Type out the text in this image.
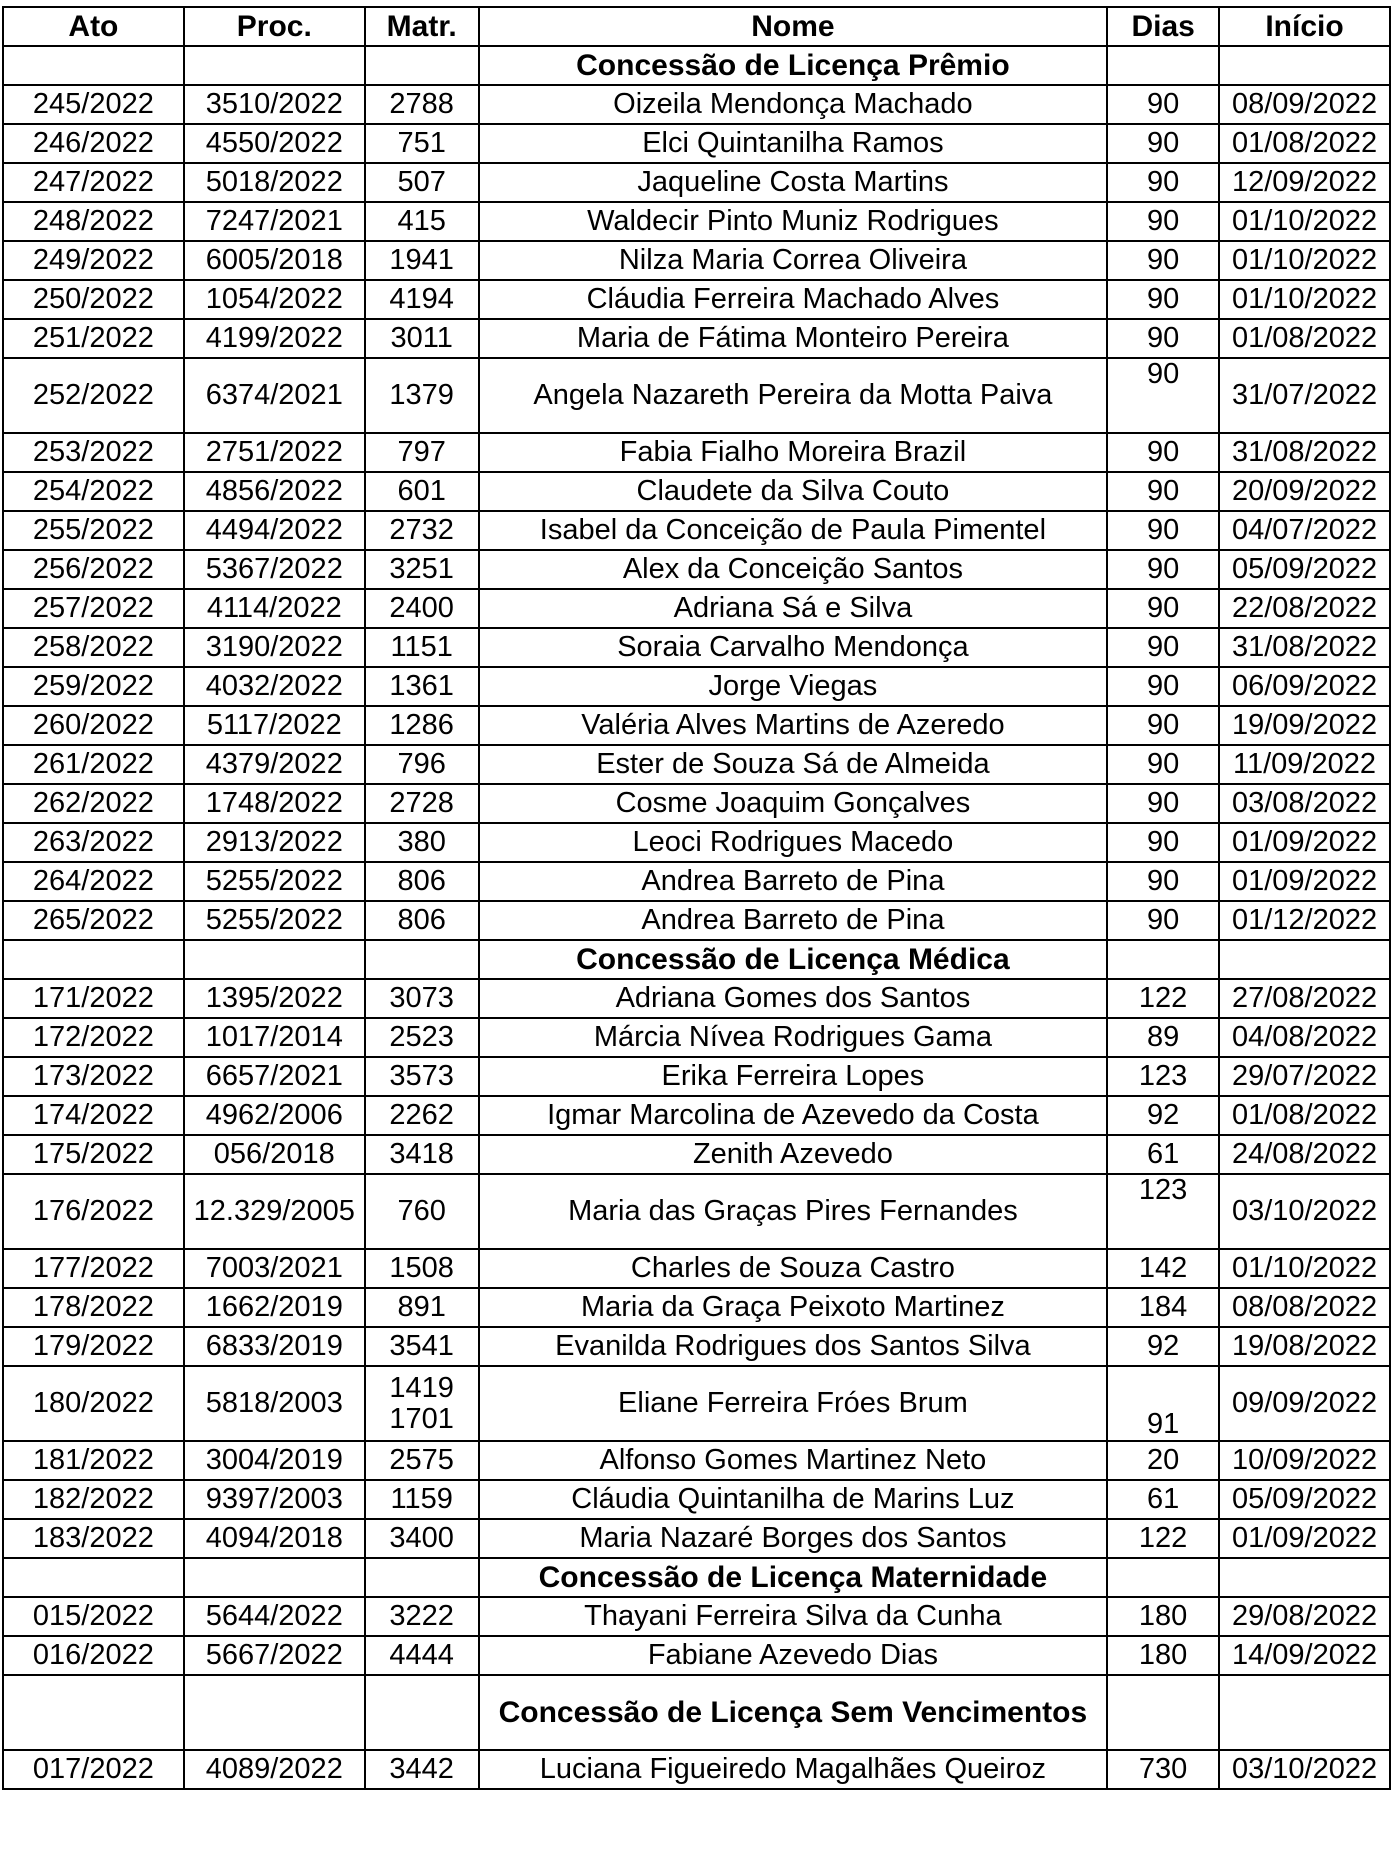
Ato	Proc.	Matr.	Nome	Dias	Início
			Concessão de Licença Prêmio		
245/2022	3510/2022	2788	Oizeila Mendonça Machado	90	08/09/2022
246/2022	4550/2022	751	Elci Quintanilha Ramos	90	01/08/2022
247/2022	5018/2022	507	Jaqueline Costa Martins	90	12/09/2022
248/2022	7247/2021	415	Waldecir Pinto Muniz Rodrigues	90	01/10/2022
249/2022	6005/2018	1941	Nilza Maria Correa Oliveira	90	01/10/2022
250/2022	1054/2022	4194	Cláudia Ferreira Machado Alves	90	01/10/2022
251/2022	4199/2022	3011	Maria de Fátima Monteiro Pereira	90	01/08/2022
252/2022	6374/2021	1379	Angela Nazareth Pereira da Motta Paiva	90	31/07/2022
253/2022	2751/2022	797	Fabia Fialho Moreira Brazil	90	31/08/2022
254/2022	4856/2022	601	Claudete da Silva Couto	90	20/09/2022
255/2022	4494/2022	2732	Isabel da Conceição de Paula Pimentel	90	04/07/2022
256/2022	5367/2022	3251	Alex da Conceição Santos	90	05/09/2022
257/2022	4114/2022	2400	Adriana Sá e Silva	90	22/08/2022
258/2022	3190/2022	1151	Soraia Carvalho Mendonça	90	31/08/2022
259/2022	4032/2022	1361	Jorge Viegas	90	06/09/2022
260/2022	5117/2022	1286	Valéria Alves Martins de Azeredo	90	19/09/2022
261/2022	4379/2022	796	Ester de Souza Sá de Almeida	90	11/09/2022
262/2022	1748/2022	2728	Cosme Joaquim Gonçalves	90	03/08/2022
263/2022	2913/2022	380	Leoci Rodrigues Macedo	90	01/09/2022
264/2022	5255/2022	806	Andrea Barreto de Pina	90	01/09/2022
265/2022	5255/2022	806	Andrea Barreto de Pina	90	01/12/2022
			Concessão de Licença Médica		
171/2022	1395/2022	3073	Adriana Gomes dos Santos	122	27/08/2022
172/2022	1017/2014	2523	Márcia Nívea Rodrigues Gama	89	04/08/2022
173/2022	6657/2021	3573	Erika Ferreira Lopes	123	29/07/2022
174/2022	4962/2006	2262	Igmar Marcolina de Azevedo da Costa	92	01/08/2022
175/2022	056/2018	3418	Zenith Azevedo	61	24/08/2022
176/2022	12.329/2005	760	Maria das Graças Pires Fernandes	123	03/10/2022
177/2022	7003/2021	1508	Charles de Souza Castro	142	01/10/2022
178/2022	1662/2019	891	Maria da Graça Peixoto Martinez	184	08/08/2022
179/2022	6833/2019	3541	Evanilda Rodrigues dos Santos Silva	92	19/08/2022
180/2022	5818/2003	1419 1701	Eliane Ferreira Fróes Brum	91	09/09/2022
181/2022	3004/2019	2575	Alfonso Gomes Martinez Neto	20	10/09/2022
182/2022	9397/2003	1159	Cláudia Quintanilha de Marins Luz	61	05/09/2022
183/2022	4094/2018	3400	Maria Nazaré Borges dos Santos	122	01/09/2022
			Concessão de Licença Maternidade		
015/2022	5644/2022	3222	Thayani Ferreira Silva da Cunha	180	29/08/2022
016/2022	5667/2022	4444	Fabiane Azevedo Dias	180	14/09/2022
			Concessão de Licença Sem Vencimentos		
017/2022	4089/2022	3442	Luciana Figueiredo Magalhães Queiroz	730	03/10/2022
